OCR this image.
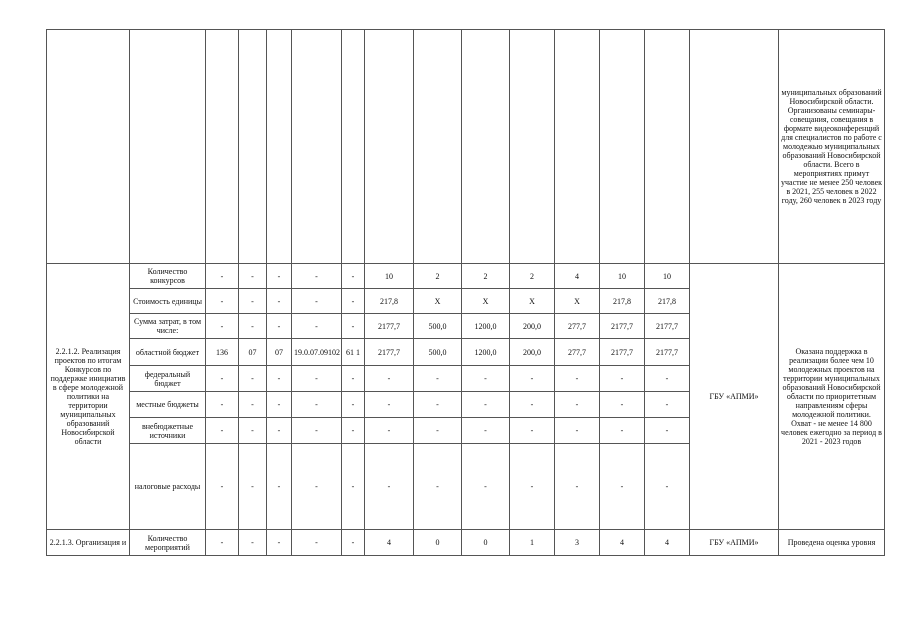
															муниципальных образований Новосибирской области. Организованы семинары-совещания, совещания в формате видеоконференций для специалистов по работе с молодежью муниципальных образований Новосибирской области. Всего в мероприятиях примут участие не менее 250 человек в 2021, 255 человек в 2022 году, 260 человек в 2023 году
2.2.1.2. Реализация проектов по итогам Конкурсов по поддержке инициатив в сфере молодежной политики на территории муниципальных образований Новосибирской области	Количество конкурсов	-	-	-	-	-	10	2	2	2	4	10	10	ГБУ «АПМИ»	Оказана поддержка в реализации более чем 10 молодежных проектов на территории муниципальных образований Новосибирской области по приоритетным направлениям сферы молодежной политики. Охват - не менее 14 800 человек ежегодно за период в 2021 - 2023 годов
	Стоимость единицы	-	-	-	-	-	217,8	X	X	X	X	217,8	217,8		
	Сумма затрат, в том числе:	-	-	-	-	-	2177,7	500,0	1200,0	200,0	277,7	2177,7	2177,7		
	областной бюджет	136	07	07	19.0.07.09102	61 1	2177,7	500,0	1200,0	200,0	277,7	2177,7	2177,7		
	федеральный бюджет	-	-	-	-	-	-	-	-	-	-	-	-		
	местные бюджеты	-	-	-	-	-	-	-	-	-	-	-	-		
	внебюджетные источники	-	-	-	-	-	-	-	-	-	-	-	-		
	налоговые расходы	-	-	-	-	-	-	-	-	-	-	-	-		
2.2.1.3. Организация и	Количество мероприятий	-	-	-	-	-	4	0	0	1	3	4	4	ГБУ «АПМИ»	Проведена оценка уровня
